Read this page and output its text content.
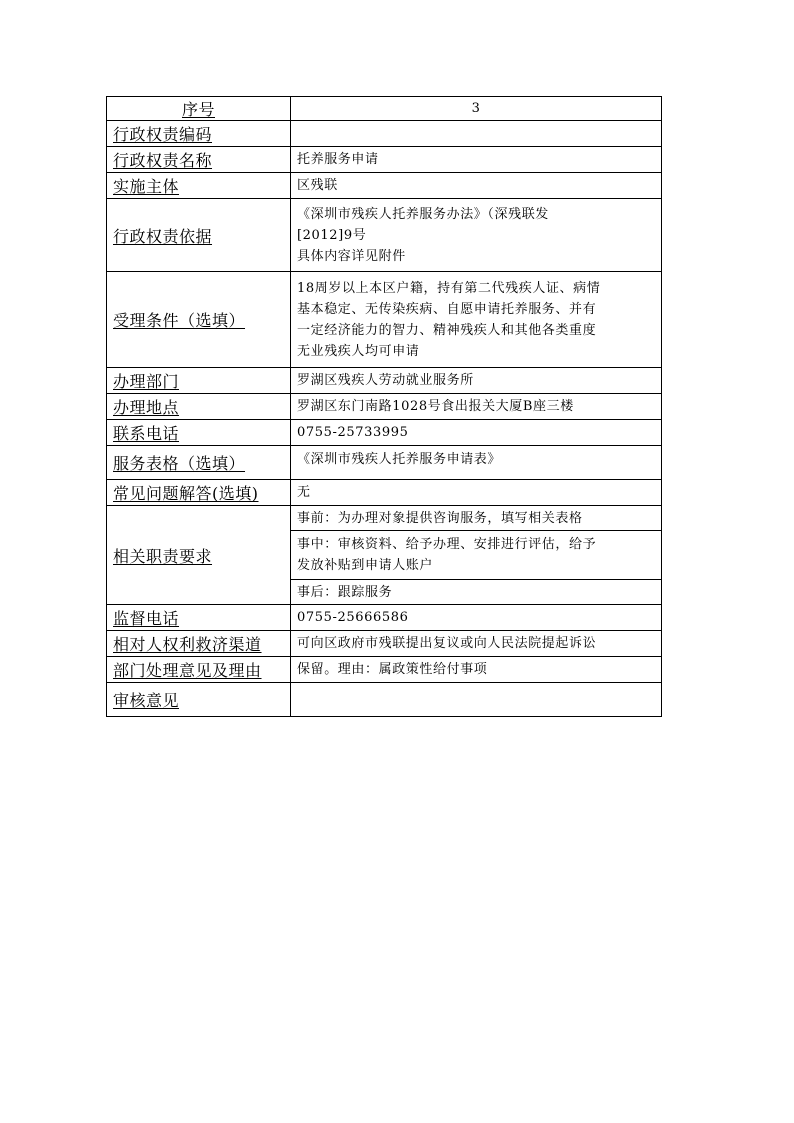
序号	3
行政权责编码	
行政权责名称	托养服务申请
实施主体	区残联
行政权责依据	《深圳市残疾人托养服务办法》（深残联发
[2012]9号
具体内容详见附件

受理条件（选填）	18周岁以上本区户籍，持有第二代残疾人证、病情
基本稳定、无传染疾病、自愿申请托养服务、并有
一定经济能力的智力、精神残疾人和其他各类重度
无业残疾人均可申请

办理部门	罗湖区残疾人劳动就业服务所
办理地点	罗湖区东门南路1028号食出报关大厦B座三楼
联系电话	0755-25733995
服务表格（选填）	《深圳市残疾人托养服务申请表》
常见问题解答(选填)	无
相关职责要求	事前：为办理对象提供咨询服务，填写相关表格

	事中：审核资料、给予办理、安排进行评估，给予
发放补贴到申请人账户

	事后：跟踪服务
监督电话	0755-25666586
相对人权利救济渠道	可向区政府市残联提出复议或向人民法院提起诉讼
部门处理意见及理由	保留。理由：属政策性给付事项
审核意见	
